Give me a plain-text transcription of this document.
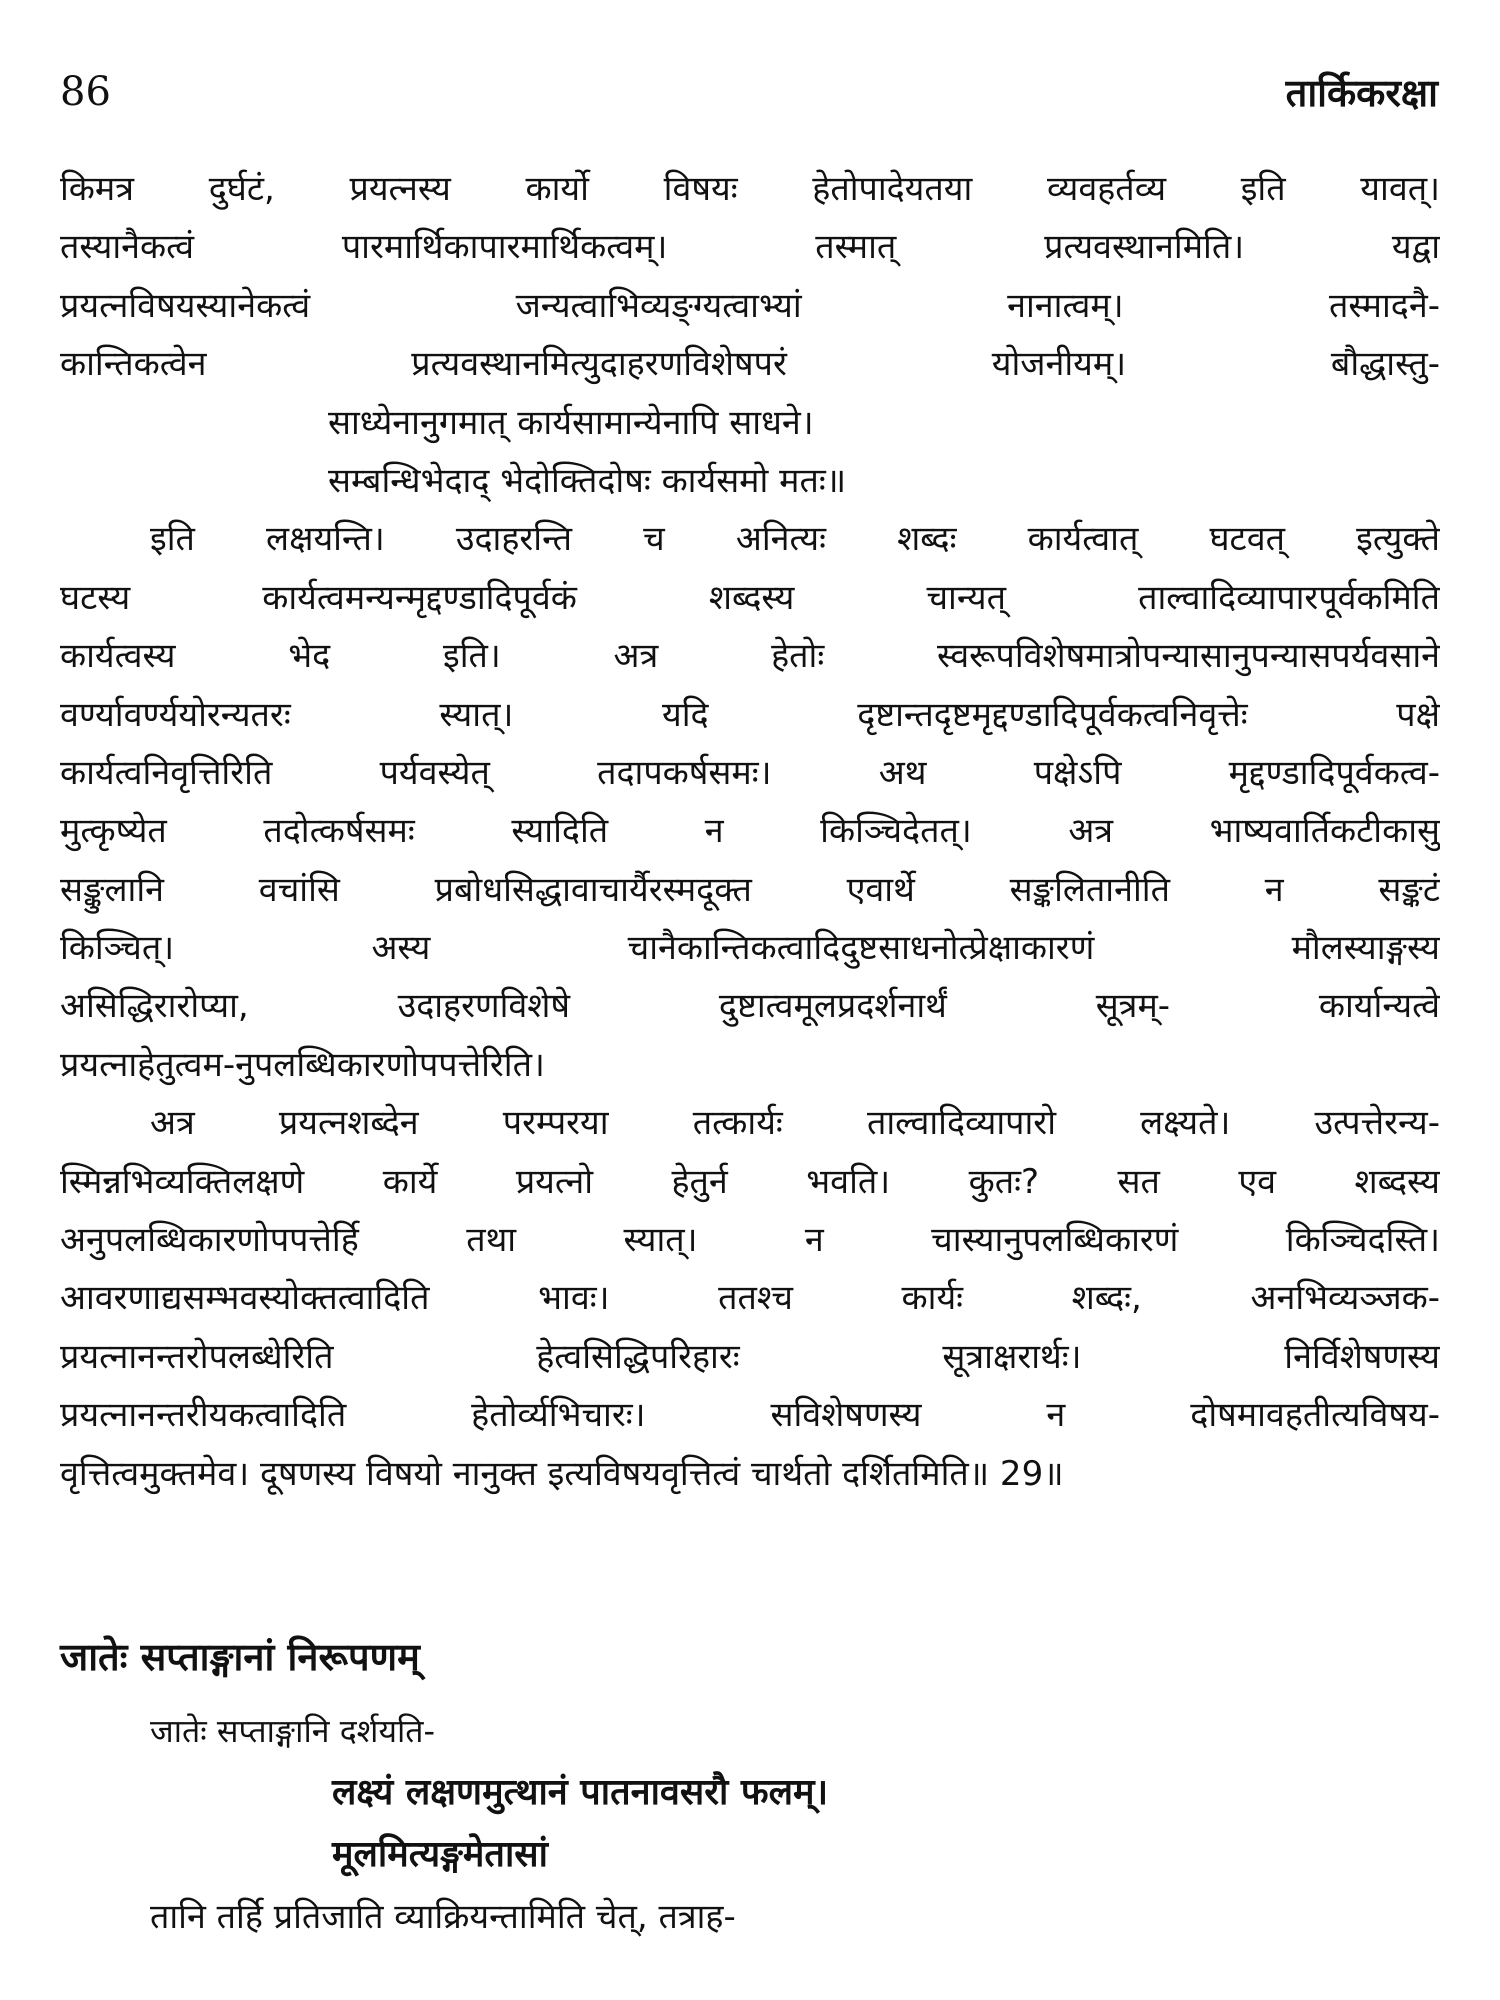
86	तार्किकरक्षा
किमत्र दुर्घटं, प्रयत्नस्य कार्यो विषयः हेतोपादेयतया व्यवहर्तव्य इति यावत्।
तस्यानैकत्वं पारमार्थिकापारमार्थिकत्वम्। तस्मात् प्रत्यवस्थानमिति। यद्वा
प्रयत्नविषयस्यानेकत्वं जन्यत्वाभिव्यङ्ग्यत्वाभ्यां नानात्वम्। तस्मादनै-
कान्तिकत्वेन प्रत्यवस्थानमित्युदाहरणविशेषपरं योजनीयम्। बौद्धास्तु-
साध्येनानुगमात् कार्यसामान्येनापि साधने।
सम्बन्धिभेदाद् भेदोक्तिदोषः कार्यसमो मतः॥
इति लक्षयन्ति। उदाहरन्ति च अनित्यः शब्दः कार्यत्वात् घटवत् इत्युक्ते
घटस्य कार्यत्वमन्यन्मृद्दण्डादिपूर्वकं शब्दस्य चान्यत् ताल्वादिव्यापारपूर्वकमिति
कार्यत्वस्य भेद इति। अत्र हेतोः स्वरूपविशेषमात्रोपन्यासानुपन्यासपर्यवसाने
वर्ण्यावर्ण्ययोरन्यतरः स्यात्। यदि दृष्टान्तदृष्टमृद्दण्डादिपूर्वकत्वनिवृत्तेः पक्षे
कार्यत्वनिवृत्तिरिति पर्यवस्येत् तदापकर्षसमः। अथ पक्षेऽपि मृद्दण्डादिपूर्वकत्व-
मुत्कृष्येत तदोत्कर्षसमः स्यादिति न किञ्चिदेतत्। अत्र भाष्यवार्तिकटीकासु
सङ्कुलानि वचांसि प्रबोधसिद्धावाचार्यैरस्मदूक्त एवार्थे सङ्कलितानीति न सङ्कटं
किञ्चित्। अस्य चानैकान्तिकत्वादिदुष्टसाधनोत्प्रेक्षाकारणं मौलस्याङ्गस्य
असिद्धिरारोप्या, उदाहरणविशेषे दुष्टात्वमूलप्रदर्शनार्थं सूत्रम्- कार्यान्यत्वे
प्रयत्नाहेतुत्वम-नुपलब्धिकारणोपपत्तेरिति।
अत्र प्रयत्नशब्देन परम्परया तत्कार्यः ताल्वादिव्यापारो लक्ष्यते। उत्पत्तेरन्य-
स्मिन्नभिव्यक्तिलक्षणे कार्ये प्रयत्नो हेतुर्न भवति। कुतः? सत एव शब्दस्य
अनुपलब्धिकारणोपपत्तेर्हि तथा स्यात्। न चास्यानुपलब्धिकारणं किञ्चिदस्ति।
आवरणाद्यसम्भवस्योक्तत्वादिति भावः। ततश्च कार्यः शब्दः, अनभिव्यञ्जक-
प्रयत्नानन्तरोपलब्धेरिति हेत्वसिद्धिपरिहारः सूत्राक्षरार्थः। निर्विशेषणस्य
प्रयत्नानन्तरीयकत्वादिति हेतोर्व्यभिचारः। सविशेषणस्य न दोषमावहतीत्यविषय-
वृत्तित्वमुक्तमेव। दूषणस्य विषयो नानुक्त इत्यविषयवृत्तित्वं चार्थतो दर्शितमिति॥ 29॥
जातेः सप्ताङ्गानां निरूपणम्
जातेः सप्ताङ्गानि दर्शयति-
लक्ष्यं लक्षणमुत्थानं पातनावसरौ फलम्।
मूलमित्यङ्गमेतासां
तानि तर्हि प्रतिजाति व्याक्रियन्तामिति चेत्, तत्राह-
